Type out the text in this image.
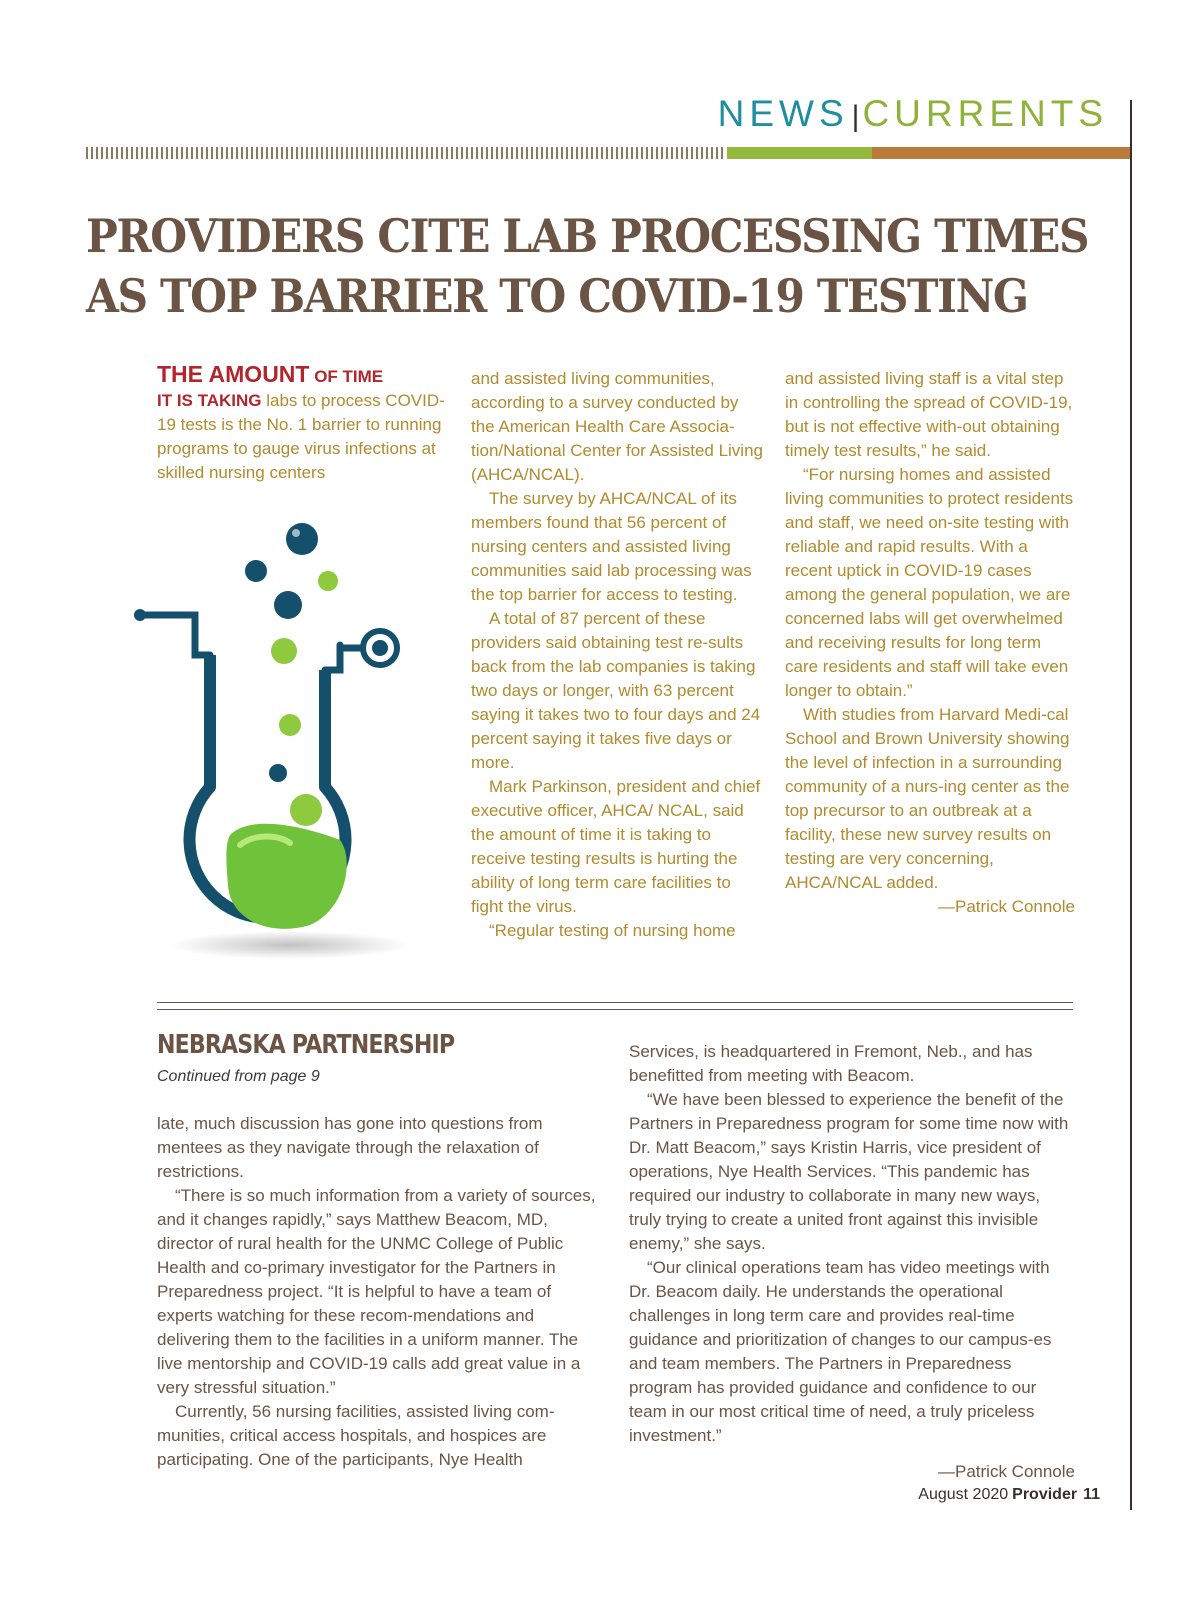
NEWS |CURRENTS
PROVIDERS CITE LAB PROCESSING TIMES
AS TOP BARRIER TO COVID-19 TESTING

THE AMOUNT OF TIME
IT IS TAKING labs to process COVID-19 tests is the No. 1 barrier to running programs to gauge virus infections at skilled nursing centers

and assisted living communities, according to a survey conducted by the American Health Care Associa-tion/National Center for Assisted Living (AHCA/NCAL).

The survey by AHCA/NCAL of its members found that 56 percent of nursing centers and assisted living communities said lab processing was the top barrier for access to testing.

A total of 87 percent of these providers said obtaining test re-sults back from the lab companies is taking two days or longer, with 63 percent saying it takes two to four days and 24 percent saying it takes five days or more.

Mark Parkinson, president and chief executive officer, AHCA/ NCAL, said the amount of time it is taking to receive testing results is hurting the ability of long term care facilities to fight the virus.

“Regular testing of nursing home

and assisted living staff is a vital step in controlling the spread of COVID-19, but is not effective with-out obtaining timely test results,” he said.

“For nursing homes and assisted living communities to protect residents and staff, we need on-site testing with reliable and rapid results. With a recent uptick in COVID-19 cases among the general population, we are concerned labs will get overwhelmed and receiving results for long term care residents and staff will take even longer to obtain.”

With studies from Harvard Medi-cal School and Brown University showing the level of infection in a surrounding community of a nurs-ing center as the top precursor to an outbreak at a facility, these new survey results on testing are very concerning, AHCA/NCAL added.

—Patrick Connole

NEBRASKA PARTNERSHIP
Continued from page 9

late, much discussion has gone into questions from mentees as they navigate through the relaxation of restrictions.

“There is so much information from a variety of sources, and it changes rapidly,” says Matthew Beacom, MD, director of rural health for the UNMC College of Public Health and co-primary investigator for the Partners in Preparedness project. “It is helpful to have a team of experts watching for these recom-mendations and delivering them to the facilities in a uniform manner. The live mentorship and COVID-19 calls add great value in a very stressful situation.”

Currently, 56 nursing facilities, assisted living com-munities, critical access hospitals, and hospices are participating. One of the participants, Nye Health

Services, is headquartered in Fremont, Neb., and has benefitted from meeting with Beacom.

“We have been blessed to experience the benefit of the Partners in Preparedness program for some time now with Dr. Matt Beacom,” says Kristin Harris, vice president of operations, Nye Health Services. “This pandemic has required our industry to collaborate in many new ways, truly trying to create a united front against this invisible enemy,” she says.

“Our clinical operations team has video meetings with Dr. Beacom daily. He understands the operational challenges in long term care and provides real-time guidance and prioritization of changes to our campus-es and team members. The Partners in Preparedness program has provided guidance and confidence to our team in our most critical time of need, a truly priceless investment.”

—Patrick Connole

August 2020 Provider 11
